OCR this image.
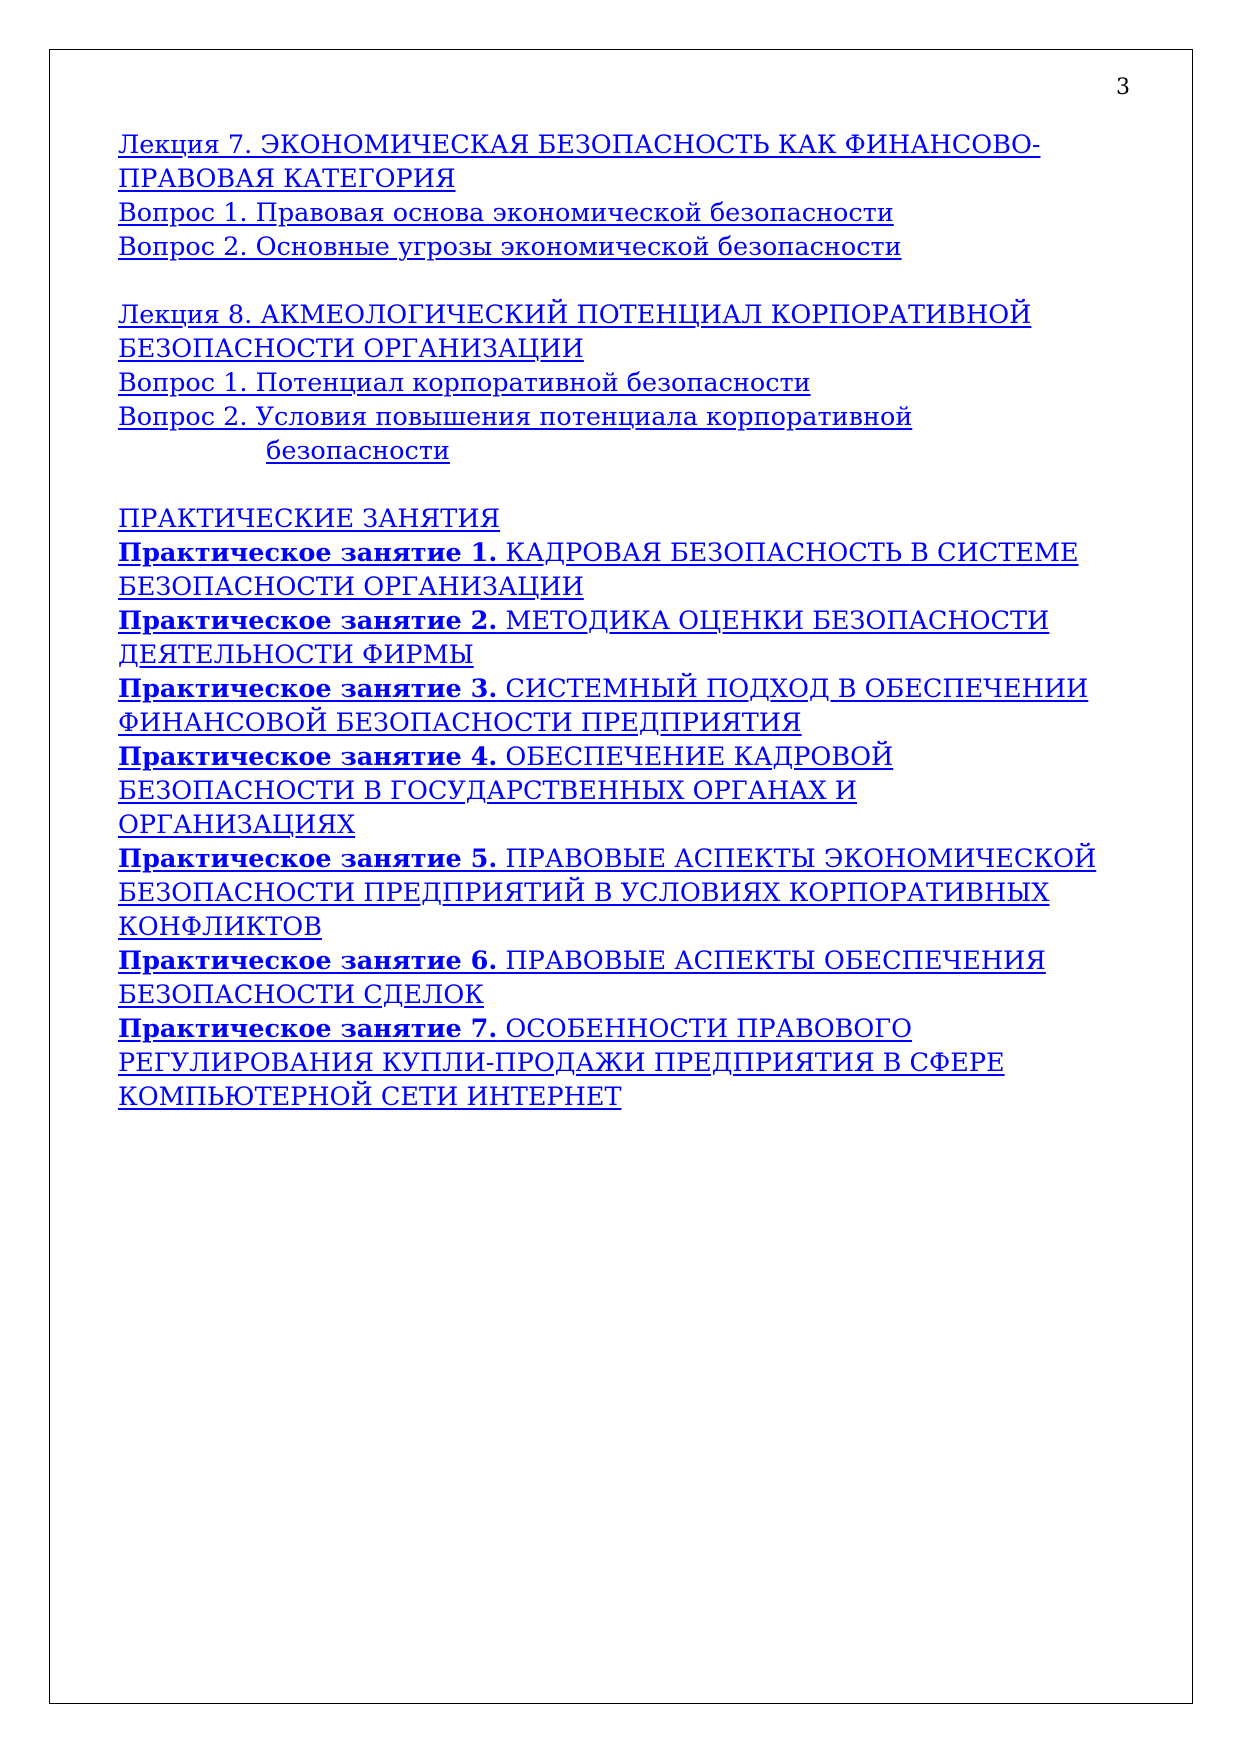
3
Лекция 7. ЭКОНОМИЧЕСКАЯ БЕЗОПАСНОСТЬ КАК ФИНАНСОВО-
ПРАВОВАЯ КАТЕГОРИЯ
Вопрос 1. Правовая основа экономической безопасности
Вопрос 2. Основные угрозы экономической безопасности
Лекция 8. АКМЕОЛОГИЧЕСКИЙ ПОТЕНЦИАЛ КОРПОРАТИВНОЙ
БЕЗОПАСНОСТИ ОРГАНИЗАЦИИ
Вопрос 1. Потенциал корпоративной безопасности
Вопрос 2. Условия повышения потенциала корпоративной
безопасности
ПРАКТИЧЕСКИЕ ЗАНЯТИЯ
Практическое занятие 1. КАДРОВАЯ БЕЗОПАСНОСТЬ В СИСТЕМЕ
БЕЗОПАСНОСТИ ОРГАНИЗАЦИИ
Практическое занятие 2. МЕТОДИКА ОЦЕНКИ БЕЗОПАСНОСТИ
ДЕЯТЕЛЬНОСТИ ФИРМЫ
Практическое занятие 3. СИСТЕМНЫЙ ПОДХОД В ОБЕСПЕЧЕНИИ
ФИНАНСОВОЙ БЕЗОПАСНОСТИ ПРЕДПРИЯТИЯ
Практическое занятие 4. ОБЕСПЕЧЕНИЕ КАДРОВОЙ
БЕЗОПАСНОСТИ В ГОСУДАРСТВЕННЫХ ОРГАНАХ И
ОРГАНИЗАЦИЯХ
Практическое занятие 5. ПРАВОВЫЕ АСПЕКТЫ ЭКОНОМИЧЕСКОЙ
БЕЗОПАСНОСТИ ПРЕДПРИЯТИЙ В УСЛОВИЯХ КОРПОРАТИВНЫХ
КОНФЛИКТОВ
Практическое занятие 6. ПРАВОВЫЕ АСПЕКТЫ ОБЕСПЕЧЕНИЯ
БЕЗОПАСНОСТИ СДЕЛОК
Практическое занятие 7. ОСОБЕННОСТИ ПРАВОВОГО
РЕГУЛИРОВАНИЯ КУПЛИ-ПРОДАЖИ ПРЕДПРИЯТИЯ В СФЕРЕ
КОМПЬЮТЕРНОЙ СЕТИ ИНТЕРНЕТ
